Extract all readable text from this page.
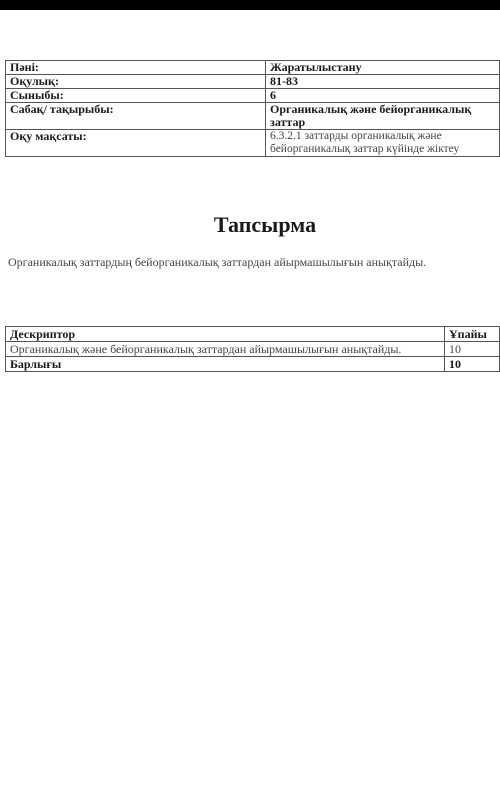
Пәні:	Жаратылыстану
Оқулық:	81-83
Сыныбы:	6
Сабақ/ тақырыбы:	Органикалық және бейорганикалық заттар
Оқу мақсаты:	6.3.2.1 заттарды органикалық және бейорганикалық заттар күйінде жіктеу
Тапсырма

Органикалық заттардың бейорганикалық заттардан айырмашылығын анықтайды.

Дескриптор	Ұпайы
Органикалық және бейорганикалық заттардан айырмашылығын анықтайды.	10
Барлығы	10
